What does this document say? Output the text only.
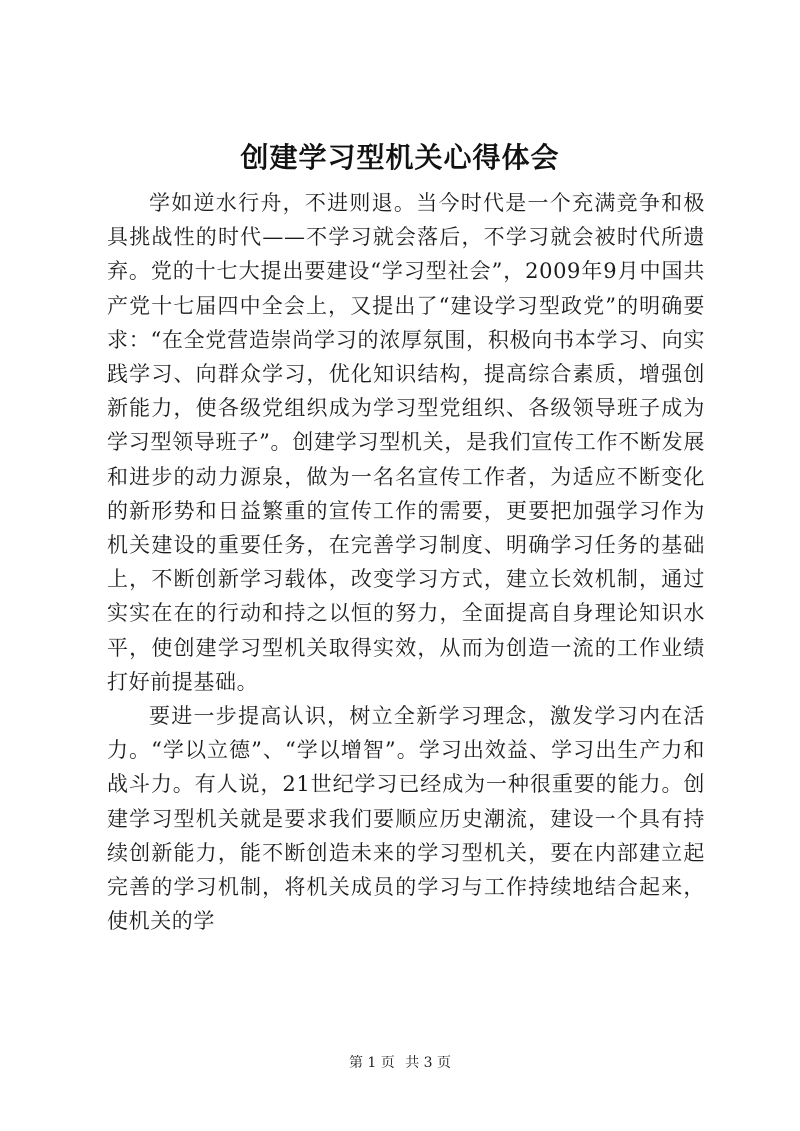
创建学习型机关心得体会

学如逆水行舟，不进则退。当今时代是一个充满竞争和极具挑战性的时代——不学习就会落后，不学习就会被时代所遗弃。党的十七大提出要建设“学习型社会”，2009年9月中国共产党十七届四中全会上，又提出了“建设学习型政党”的明确要求：“在全党营造崇尚学习的浓厚氛围，积极向书本学习、向实践学习、向群众学习，优化知识结构，提高综合素质，增强创新能力，使各级党组织成为学习型党组织、各级领导班子成为学习型领导班子”。创建学习型机关，是我们宣传工作不断发展和进步的动力源泉，做为一名名宣传工作者，为适应不断变化的新形势和日益繁重的宣传工作的需要，更要把加强学习作为机关建设的重要任务，在完善学习制度、明确学习任务的基础上，不断创新学习载体，改变学习方式，建立长效机制，通过实实在在的行动和持之以恒的努力，全面提高自身理论知识水平，使创建学习型机关取得实效，从而为创造一流的工作业绩打好前提基础。

要进一步提高认识，树立全新学习理念，激发学习内在活力。“学以立德”、“学以增智”。学习出效益、学习出生产力和战斗力。有人说，21世纪学习已经成为一种很重要的能力。创建学习型机关就是要求我们要顺应历史潮流，建设一个具有持续创新能力，能不断创造未来的学习型机关，要在内部建立起完善的学习机制，将机关成员的学习与工作持续地结合起来，使机关的学

第 1 页 共 3 页
